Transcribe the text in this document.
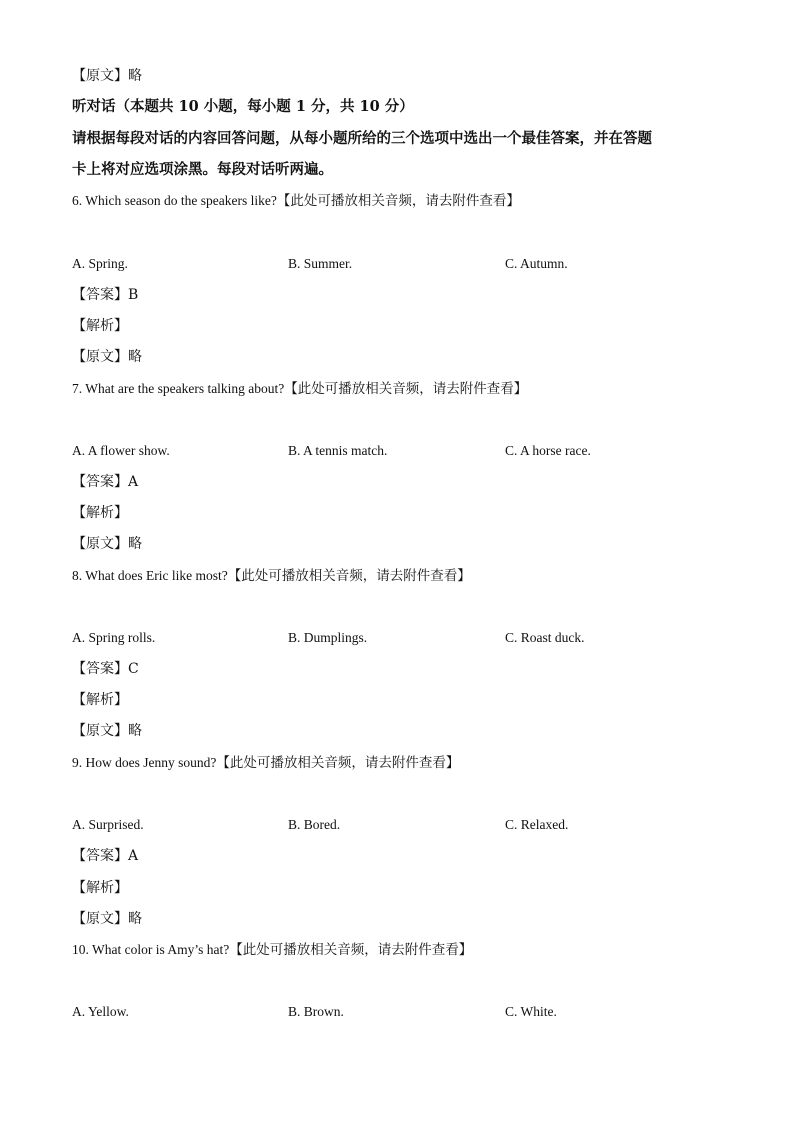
【原文】略
听对话（本题共 10 小题，每小题 1 分，共 10 分）
请根据每段对话的内容回答问题，从每小题所给的三个选项中选出一个最佳答案，并在答题
卡上将对应选项涂黑。每段对话听两遍。
6. Which season do the speakers like?【此处可播放相关音频，请去附件查看】
A. Spring.	B. Summer.	C. Autumn.
【答案】B
【解析】
【原文】略
7. What are the speakers talking about?【此处可播放相关音频，请去附件查看】
A. A flower show.	B. A tennis match.	C. A horse race.
【答案】A
【解析】
【原文】略
8. What does Eric like most?【此处可播放相关音频，请去附件查看】
A. Spring rolls.	B. Dumplings.	C. Roast duck.
【答案】C
【解析】
【原文】略
9. How does Jenny sound?【此处可播放相关音频，请去附件查看】
A. Surprised.	B. Bored.	C. Relaxed.
【答案】A
【解析】
【原文】略
10. What color is Amy’s hat?【此处可播放相关音频，请去附件查看】
A. Yellow.	B. Brown.	C. White.
